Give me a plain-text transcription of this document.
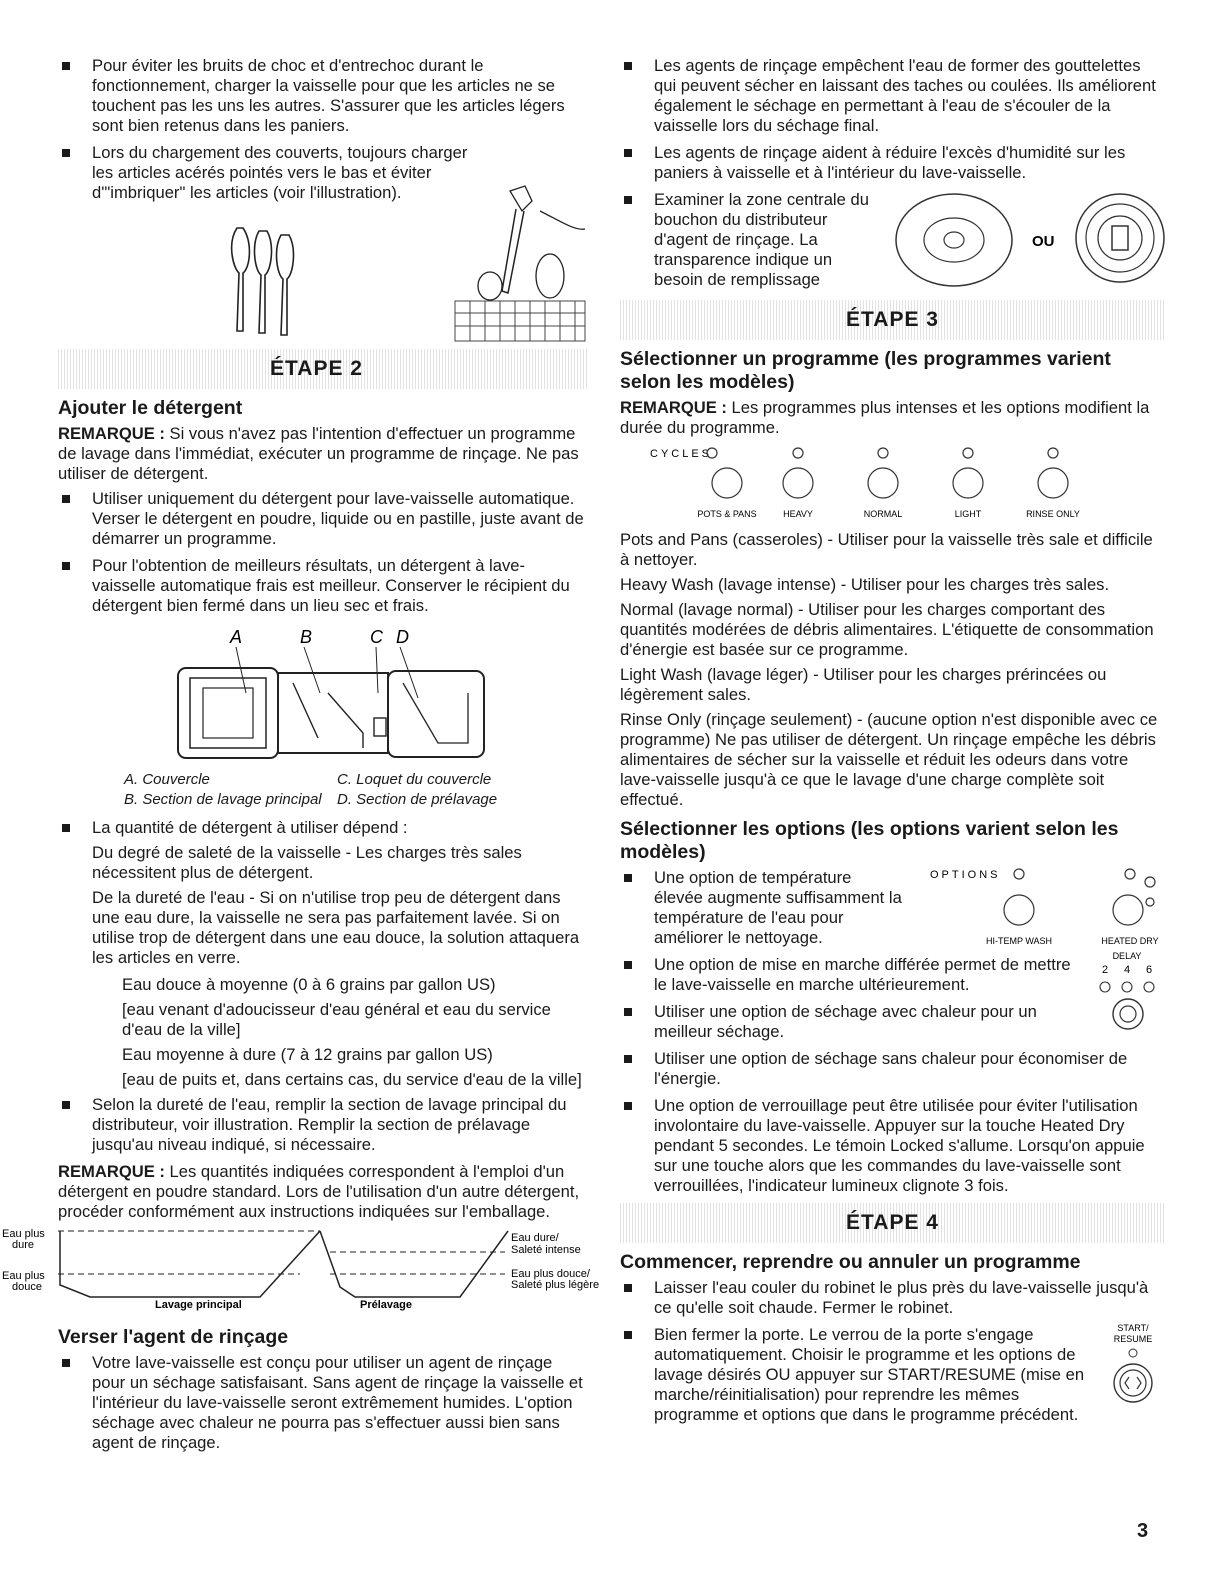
Pour éviter les bruits de choc et d'entrechoc durant le fonctionnement, charger la vaisselle pour que les articles ne se touchent pas les uns les autres. S'assurer que les articles légers sont bien retenus dans les paniers.
Lors du chargement des couverts, toujours charger les articles acérés pointés vers le bas et éviter d'"imbriquer" les articles (voir l'illustration).
ÉTAPE 2
Ajouter le détergent

REMARQUE : Si vous n'avez pas l'intention d'effectuer un programme de lavage dans l'immédiat, exécuter un programme de rinçage. Ne pas utiliser de détergent.

Utiliser uniquement du détergent pour lave-vaisselle automatique. Verser le détergent en poudre, liquide ou en pastille, juste avant de démarrer un programme.
Pour l'obtention de meilleurs résultats, un détergent à lave-vaisselle automatique frais est meilleur. Conserver le récipient du détergent bien fermé dans un lieu sec et frais.
A	B	C D
A. Couvercle
B. Section de lavage principal
C. Loquet du couvercle
D. Section de prélavage
La quantité de détergent à utiliser dépend :
Du degré de saleté de la vaisselle - Les charges très sales nécessitent plus de détergent.
De la dureté de l'eau - Si on n'utilise trop peu de détergent dans une eau dure, la vaisselle ne sera pas parfaitement lavée. Si on utilise trop de détergent dans une eau douce, la solution attaquera les articles en verre.
Eau douce à moyenne (0 à 6 grains par gallon US)
[eau venant d'adoucisseur d'eau général et eau du service d'eau de la ville]
Eau moyenne à dure (7 à 12 grains par gallon US)
[eau de puits et, dans certains cas, du service d'eau de la ville]
Selon la dureté de l'eau, remplir la section de lavage principal du distributeur, voir illustration. Remplir la section de prélavage jusqu'au niveau indiqué, si nécessaire.

REMARQUE : Les quantités indiquées correspondent à l'emploi d'un détergent en poudre standard. Lors de l'utilisation d'un autre détergent, procéder conformément aux instructions indiquées sur l'emballage.

Eau plus
dure
Eau plus
douce
Lavage principal	Prélavage
Eau dure/
Saleté intense
Eau plus douce/
Saleté plus légère
Verser l'agent de rinçage
Votre lave-vaisselle est conçu pour utiliser un agent de rinçage pour un séchage satisfaisant. Sans agent de rinçage la vaisselle et l'intérieur du lave-vaisselle seront extrêmement humides. L'option séchage avec chaleur ne pourra pas s'effectuer aussi bien sans agent de rinçage.
Les agents de rinçage empêchent l'eau de former des gouttelettes qui peuvent sécher en laissant des taches ou coulées. Ils améliorent également le séchage en permettant à l'eau de s'écouler de la vaisselle lors du séchage final.
Les agents de rinçage aident à réduire l'excès d'humidité sur les paniers à vaisselle et à l'intérieur du lave-vaisselle.
Examiner la zone centrale du bouchon du distributeur d'agent de rinçage. La transparence indique un besoin de remplissage
OU
ÉTAPE 3
Sélectionner un programme (les programmes varient selon les modèles)

REMARQUE : Les programmes plus intenses et les options modifient la durée du programme.

CYCLES
POTS & PANS	HEAVY	NORMAL	LIGHT	RINSE ONLY

Pots and Pans (casseroles) - Utiliser pour la vaisselle très sale et difficile à nettoyer.

Heavy Wash (lavage intense) - Utiliser pour les charges très sales.

Normal (lavage normal) - Utiliser pour les charges comportant des quantités modérées de débris alimentaires. L'étiquette de consommation d'énergie est basée sur ce programme.

Light Wash (lavage léger) - Utiliser pour les charges prérincées ou légèrement sales.

Rinse Only (rinçage seulement) - (aucune option n'est disponible avec ce programme) Ne pas utiliser de détergent. Un rinçage empêche les débris alimentaires de sécher sur la vaisselle et réduit les odeurs dans votre lave-vaisselle jusqu'à ce que le lavage d'une charge complète soit effectué.

Sélectionner les options (les options varient selon les modèles)
Une option de température élevée augmente suffisamment la température de l'eau pour améliorer le nettoyage.
OPTIONS
HI-TEMP WASH	HEATED DRY
Une option de mise en marche différée permet de mettre le lave-vaisselle en marche ultérieurement.
DELAY
2 4 6
Utiliser une option de séchage avec chaleur pour un meilleur séchage.
Utiliser une option de séchage sans chaleur pour économiser de l'énergie.
Une option de verrouillage peut être utilisée pour éviter l'utilisation involontaire du lave-vaisselle. Appuyer sur la touche Heated Dry pendant 5 secondes. Le témoin Locked s'allume. Lorsqu'on appuie sur une touche alors que les commandes du lave-vaisselle sont verrouillées, l'indicateur lumineux clignote 3 fois.
ÉTAPE 4
Commencer, reprendre ou annuler un programme
Laisser l'eau couler du robinet le plus près du lave-vaisselle jusqu'à ce qu'elle soit chaude. Fermer le robinet.
Bien fermer la porte. Le verrou de la porte s'engage automatiquement. Choisir le programme et les options de lavage désirés OU appuyer sur START/RESUME (mise en marche/réinitialisation) pour reprendre les mêmes programme et options que dans le programme précédent.
START/
RESUME
3
